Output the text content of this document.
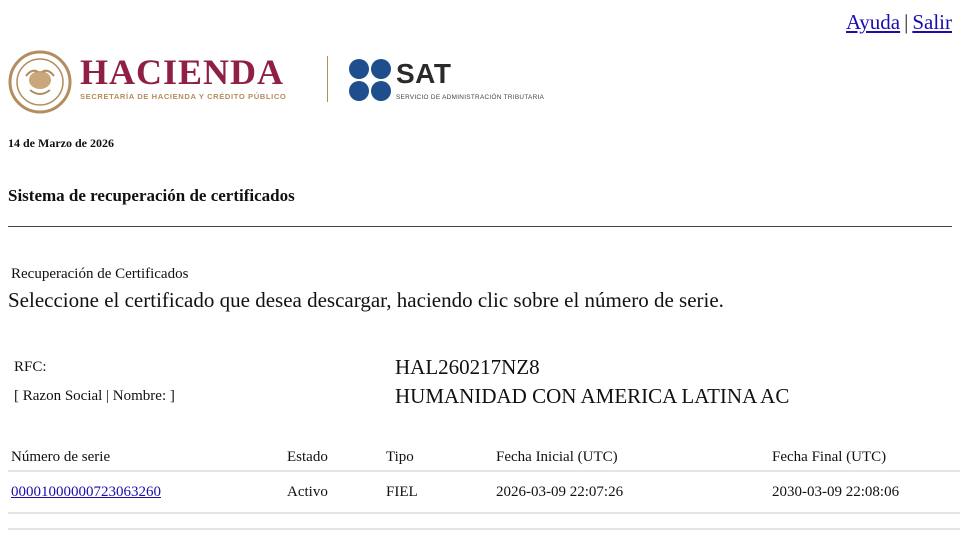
Ayuda | Salir
HACIENDA
SECRETARÍA DE HACIENDA Y CRÉDITO PÚBLICO
SAT
SERVICIO DE ADMINISTRACIÓN TRIBUTARIA
14 de Marzo de 2026
Sistema de recuperación de certificados
Recuperación de Certificados
Seleccione el certificado que desea descargar, haciendo clic sobre el número de serie.
RFC:	HAL260217NZ8
[ Razon Social | Nombre: ]	HUMANIDAD CON AMERICA LATINA AC
Número de serie	Estado	Tipo	Fecha Inicial (UTC)	Fecha Final (UTC)
00001000000723063260	Activo	FIEL	2026-03-09 22:07:26	2030-03-09 22:08:06
